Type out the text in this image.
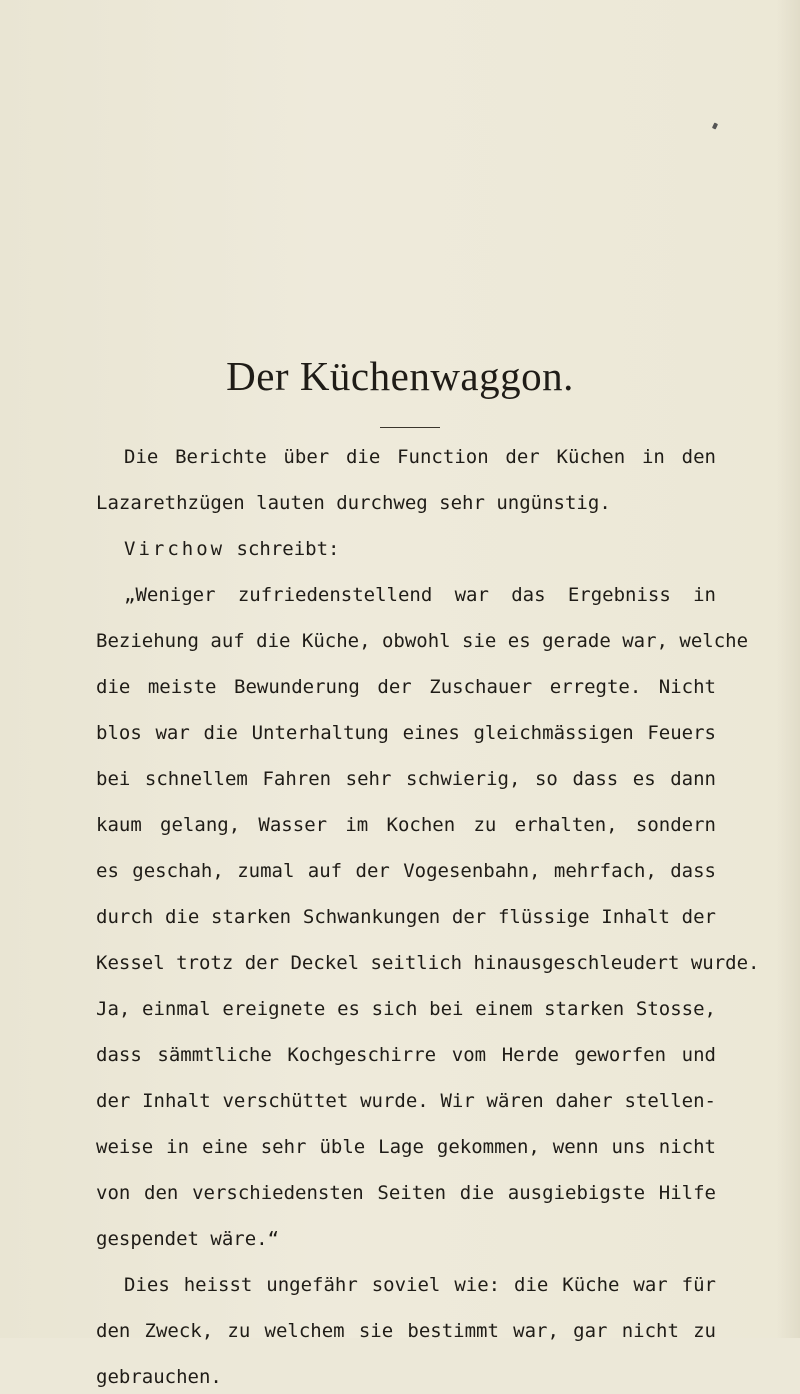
Der Küchenwaggon.
Die Berichte über die Function der Küchen in den
Lazarethzügen lauten durchweg sehr ungünstig.
Virchow schreibt:
„Weniger zufriedenstellend war das Ergebniss in
Beziehung auf die Küche, obwohl sie es gerade war, welche
die meiste Bewunderung der Zuschauer erregte. Nicht
blos war die Unterhaltung eines gleichmässigen Feuers
bei schnellem Fahren sehr schwierig, so dass es dann
kaum gelang, Wasser im Kochen zu erhalten, sondern
es geschah, zumal auf der Vogesenbahn, mehrfach, dass
durch die starken Schwankungen der flüssige Inhalt der
Kessel trotz der Deckel seitlich hinausgeschleudert wurde.
Ja, einmal ereignete es sich bei einem starken Stosse,
dass sämmtliche Kochgeschirre vom Herde geworfen und
der Inhalt verschüttet wurde. Wir wären daher stellen-
weise in eine sehr üble Lage gekommen, wenn uns nicht
von den verschiedensten Seiten die ausgiebigste Hilfe
gespendet wäre.“
Dies heisst ungefähr soviel wie: die Küche war für
den Zweck, zu welchem sie bestimmt war, gar nicht zu
gebrauchen.
